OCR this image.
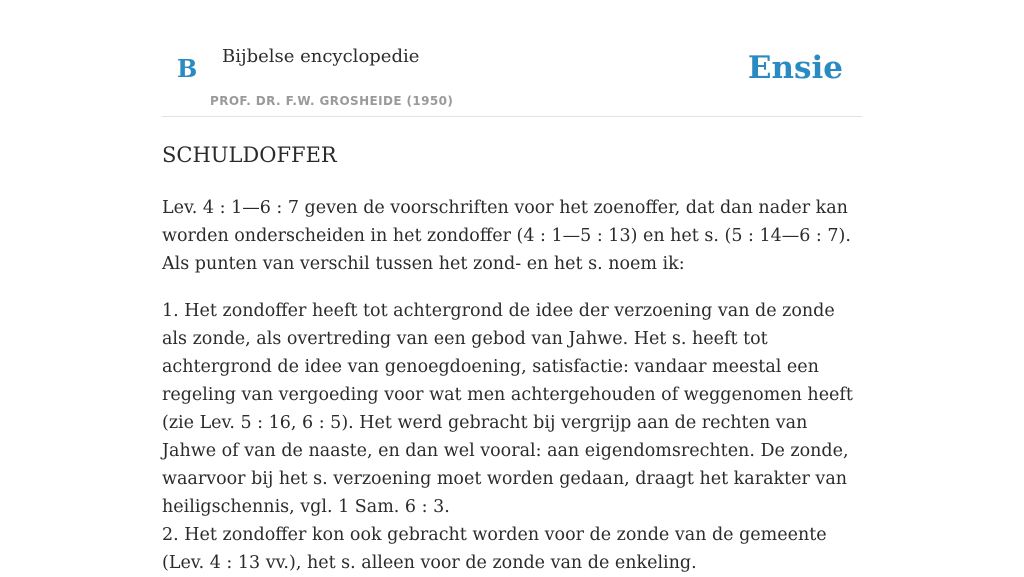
B Bijbelse encyclopedie
PROF. DR. F.W. GROSHEIDE (1950)
Ensie
SCHULDOFFER

Lev. 4 : 1—6 : 7 geven de voorschriften voor het zoenoffer, dat dan nader kan worden onderscheiden in het zondoffer (4 : 1—5 : 13) en het s. (5 : 14—6 : 7). Als punten van verschil tussen het zond- en het s. noem ik:

1. Het zondoffer heeft tot achtergrond de idee der verzoening van de zonde als zonde, als overtreding van een gebod van Jahwe. Het s. heeft tot achtergrond de idee van genoegdoening, satisfactie: vandaar meestal een regeling van vergoeding voor wat men achtergehouden of weggenomen heeft (zie Lev. 5 : 16, 6 : 5). Het werd gebracht bij vergrijp aan de rechten van Jahwe of van de naaste, en dan wel vooral: aan eigendomsrechten. De zonde, waarvoor bij het s. verzoening moet worden gedaan, draagt het karakter van heiligschennis, vgl. 1 Sam. 6 : 3.

2. Het zondoffer kon ook gebracht worden voor de zonde van de gemeente (Lev. 4 : 13 vv.), het s. alleen voor de zonde van de enkeling.
